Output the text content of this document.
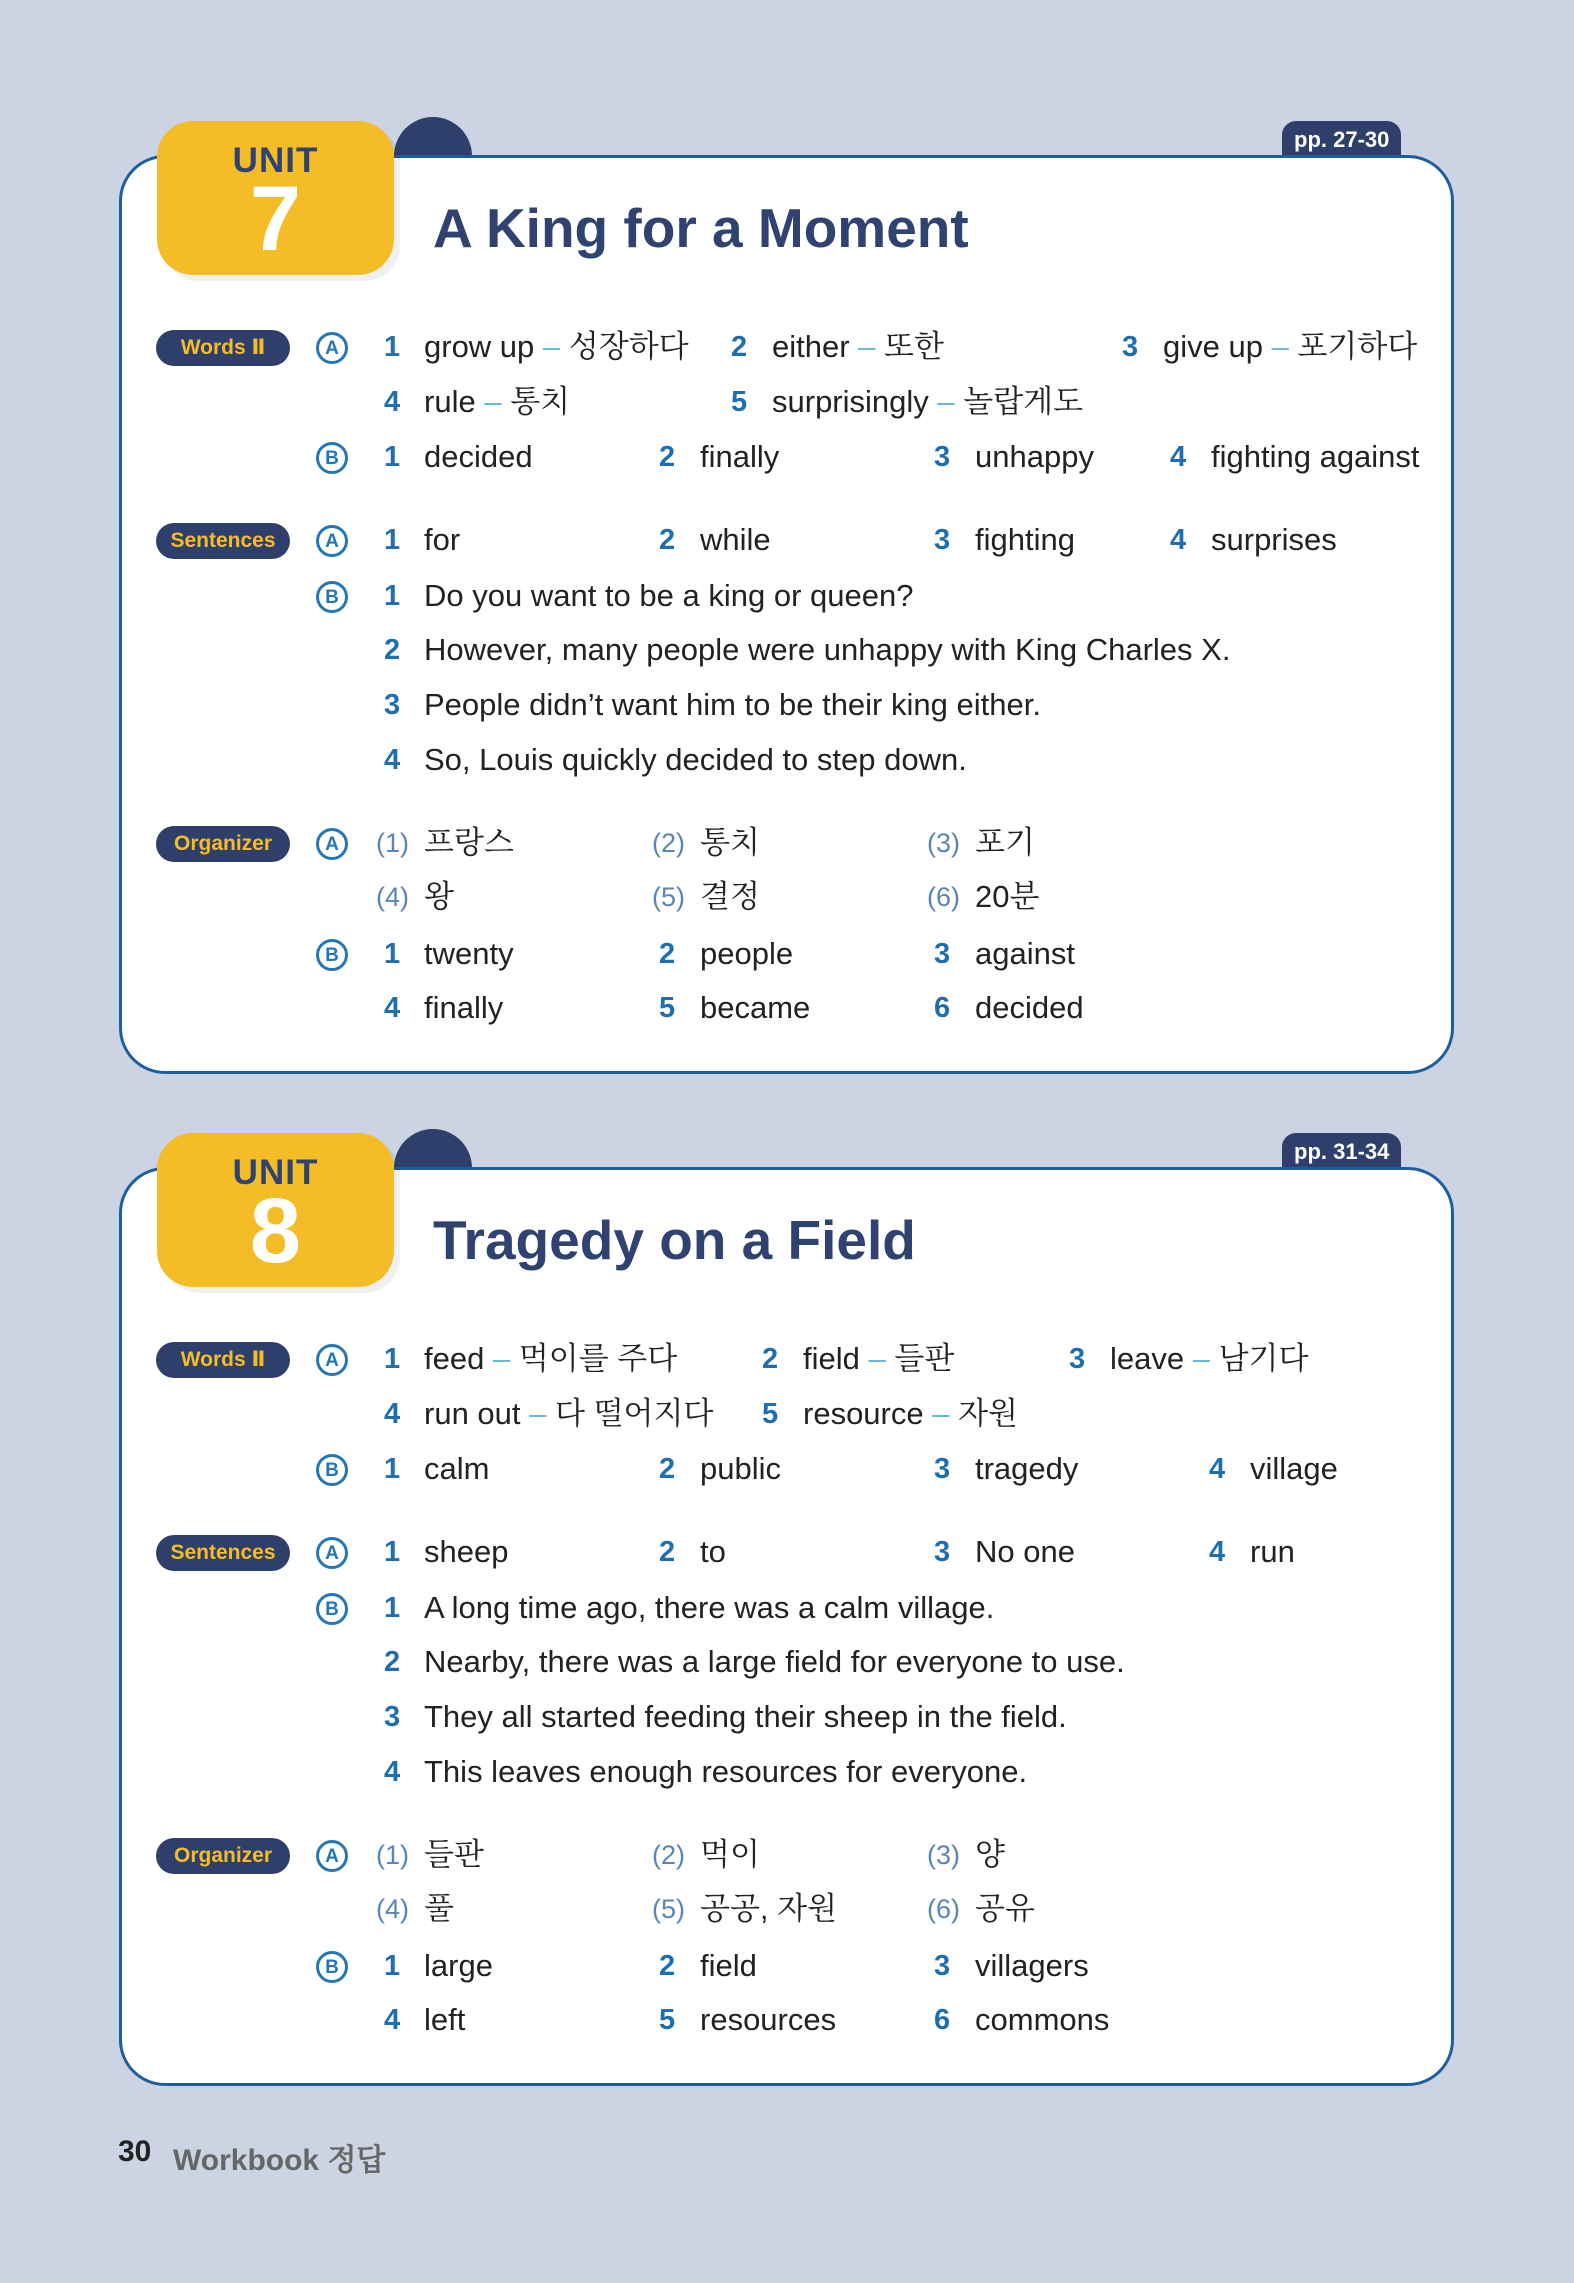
pp. 27-30
UNIT
7	A King for a Moment
Words Ⅱ	A	1 grow up – 성장하다 2 either – 또한	3 give up – 포기하다
4 rule – 통치	5 surprisingly – 놀랍게도
B	1 decided	2 finally	3 unhappy	4 fighting against
Sentences	A	1 for	2 while	3 fighting	4 surprises
B	1 Do you want to be a king or queen?
2 However, many people were unhappy with King Charles X.
3 People didn’t want him to be their king either.
4 So, Louis quickly decided to step down.
Organizer	A	(1) 프랑스	(2) 통치	(3) 포기
(4) 왕	(5) 결정	(6) 20분
B	1 twenty	2 people	3 against
4 finally	5 became	6 decided
pp. 31-34
UNIT
8	Tragedy on a Field
Words Ⅱ	A	1 feed – 먹이를 주다	2 field – 들판	3 leave – 남기다
4 run out – 다 떨어지다 5 resource – 자원
B	1 calm	2 public	3 tragedy	4 village
Sentences	A	1 sheep	2 to	3 No one	4 run
B	1 A long time ago, there was a calm village.
2 Nearby, there was a large field for everyone to use.
3 They all started feeding their sheep in the field.
4 This leaves enough resources for everyone.
Organizer	A	(1) 들판	(2) 먹이	(3) 양
(4) 풀	(5) 공공, 자원	(6) 공유
B	1 large	2 field	3 villagers
4 left	5 resources	6 commons
30 Workbook 정답
